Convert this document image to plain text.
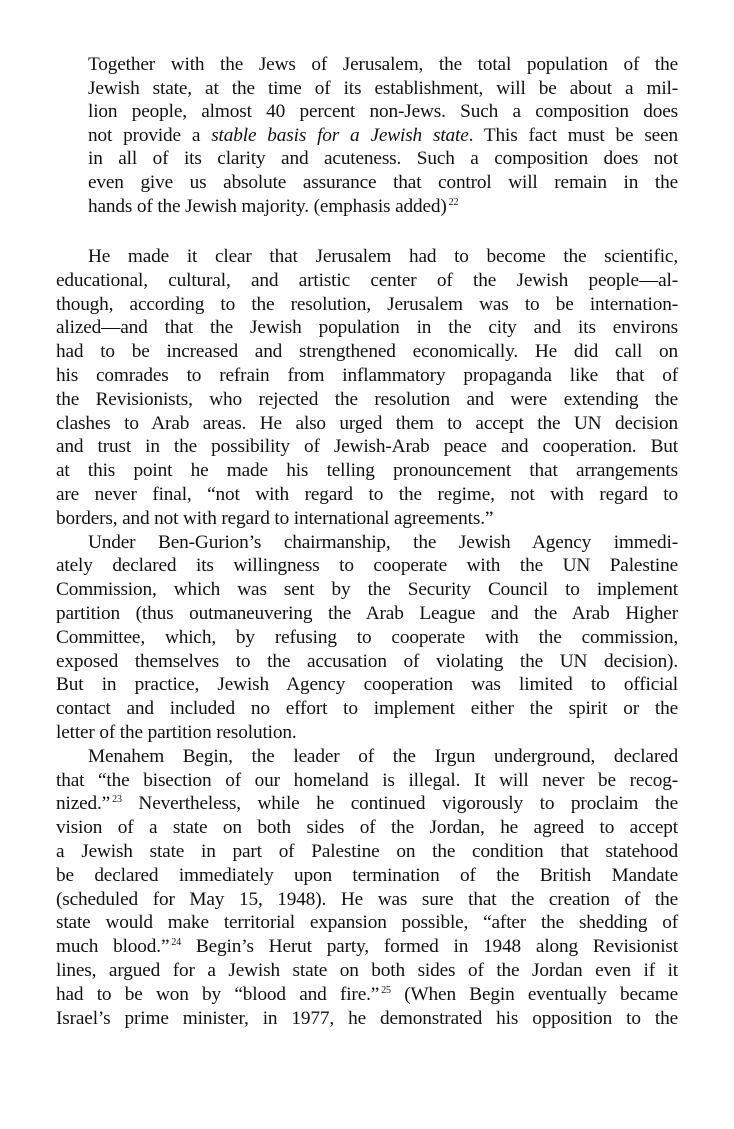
Together with the Jews of Jerusalem, the total population of the
Jewish state, at the time of its establishment, will be about a mil-
lion people, almost 40 percent non-Jews. Such a composition does
not provide a stable basis for a Jewish state. This fact must be seen
in all of its clarity and acuteness. Such a composition does not
even give us absolute assurance that control will remain in the
hands of the Jewish majority. (emphasis added) $^{22}$
He made it clear that Jerusalem had to become the scientific,
educational, cultural, and artistic center of the Jewish people—al-
though, according to the resolution, Jerusalem was to be internation-
alized—and that the Jewish population in the city and its environs
had to be increased and strengthened economically. He did call on
his comrades to refrain from inflammatory propaganda like that of
the Revisionists, who rejected the resolution and were extending the
clashes to Arab areas. He also urged them to accept the UN decision
and trust in the possibility of Jewish-Arab peace and cooperation. But
at this point he made his telling pronouncement that arrangements
are never final, “not with regard to the regime, not with regard to
borders, and not with regard to international agreements.”
Under Ben-Gurion’s chairmanship, the Jewish Agency immedi-
ately declared its willingness to cooperate with the UN Palestine
Commission, which was sent by the Security Council to implement
partition (thus outmaneuvering the Arab League and the Arab Higher
Committee, which, by refusing to cooperate with the commission,
exposed themselves to the accusation of violating the UN decision).
But in practice, Jewish Agency cooperation was limited to official
contact and included no effort to implement either the spirit or the
letter of the partition resolution.
Menahem Begin, the leader of the Irgun underground, declared
that “the bisection of our homeland is illegal. It will never be recog-
nized.” $^{23}$ Nevertheless, while he continued vigorously to proclaim the
vision of a state on both sides of the Jordan, he agreed to accept
a Jewish state in part of Palestine on the condition that statehood
be declared immediately upon termination of the British Mandate
(scheduled for May 15, 1948). He was sure that the creation of the
state would make territorial expansion possible, “after the shedding of
much blood.” $^{24}$ Begin’s Herut party, formed in 1948 along Revisionist
lines, argued for a Jewish state on both sides of the Jordan even if it
had to be won by “blood and fire.” $^{25}$ (When Begin eventually became
Israel’s prime minister, in 1977, he demonstrated his opposition to the
